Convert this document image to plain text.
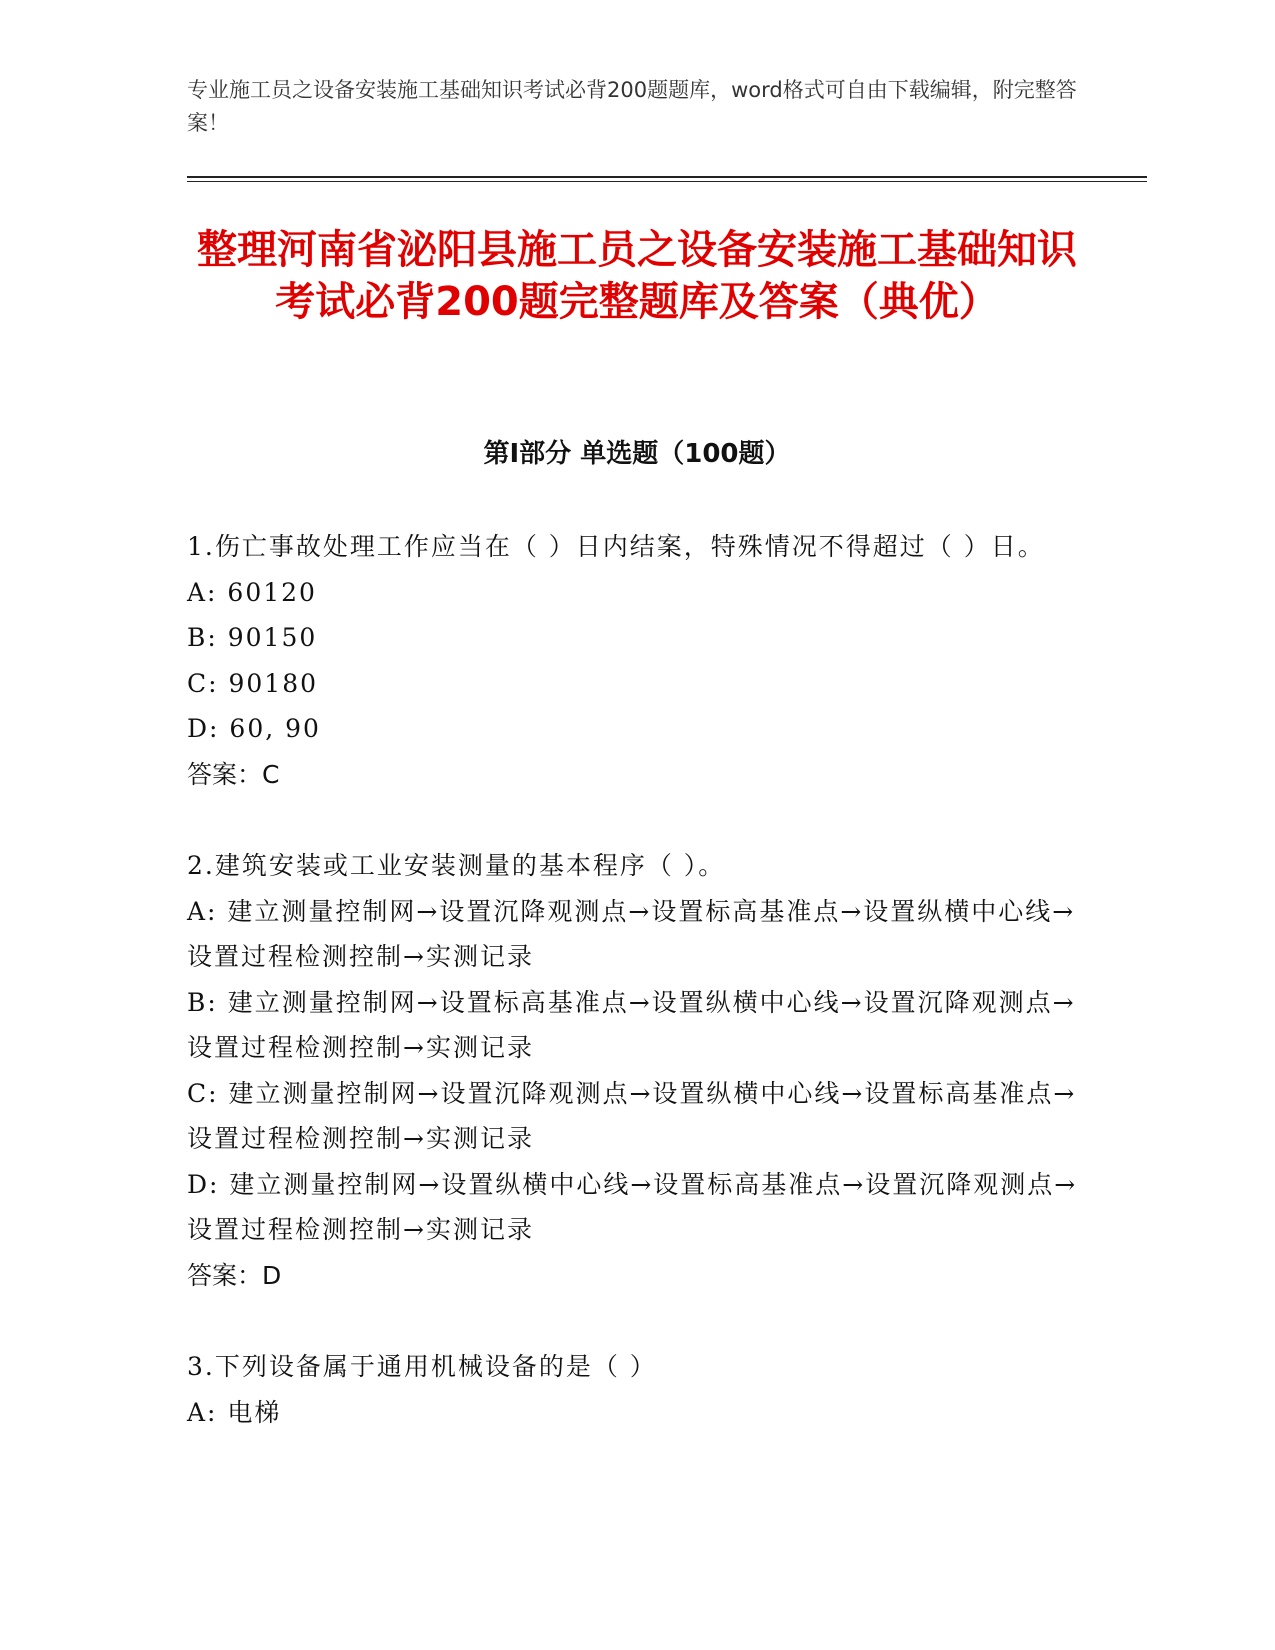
专业施工员之设备安装施工基础知识考试必背200题题库，word格式可自由下载编辑，附完整答案！
整理河南省泌阳县施工员之设备安装施工基础知识考试必背200题完整题库及答案（典优）
第Ⅰ部分 单选题（100题）
1.伤亡事故处理工作应当在（ ）日内结案，特殊情况不得超过（ ）日。
A: 60120
B: 90150
C: 90180
D: 60, 90
答案：C
2.建筑安装或工业安装测量的基本程序（ ）。
A: 建立测量控制网→设置沉降观测点→设置标高基准点→设置纵横中心线→设置过程检测控制→实测记录
B: 建立测量控制网→设置标高基准点→设置纵横中心线→设置沉降观测点→设置过程检测控制→实测记录
C: 建立测量控制网→设置沉降观测点→设置纵横中心线→设置标高基准点→设置过程检测控制→实测记录
D: 建立测量控制网→设置纵横中心线→设置标高基准点→设置沉降观测点→设置过程检测控制→实测记录
答案：D
3.下列设备属于通用机械设备的是（ ）
A: 电梯
